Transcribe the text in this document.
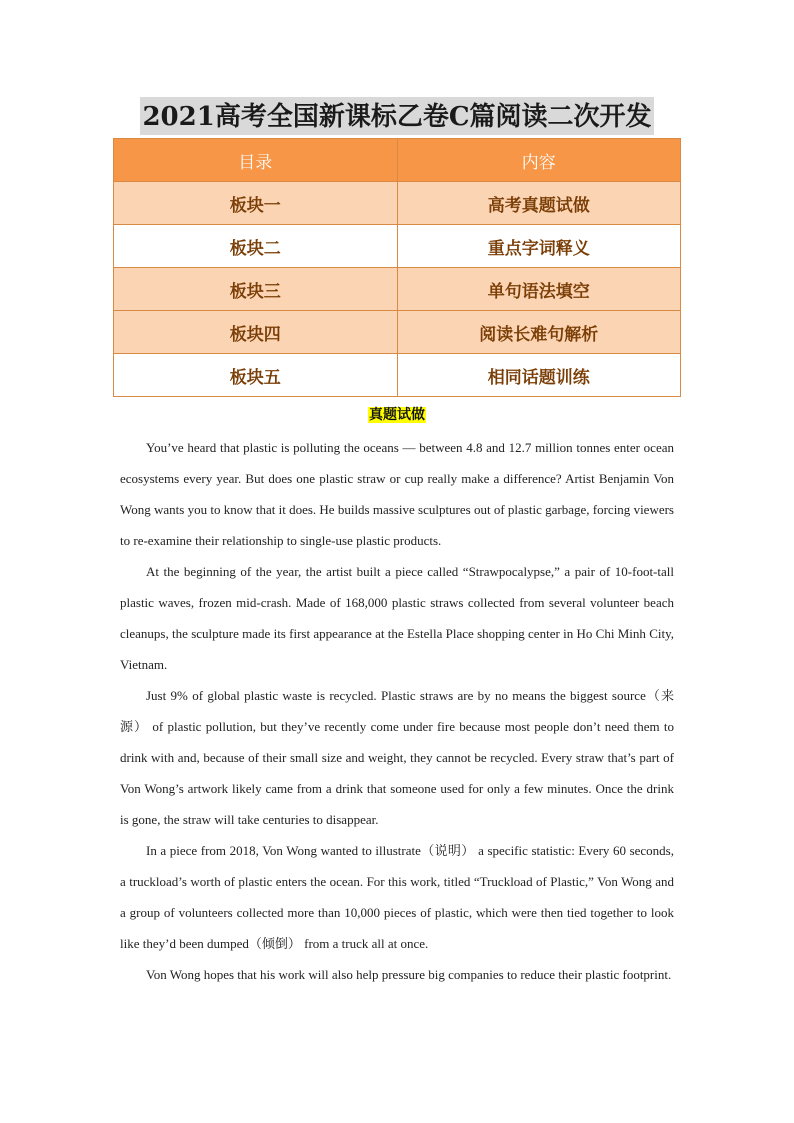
2021高考全国新课标乙卷C篇阅读二次开发
目录	内容
板块一	高考真题试做
板块二	重点字词释义
板块三	单句语法填空
板块四	阅读长难句解析
板块五	相同话题训练
真题试做

You’ve heard that plastic is polluting the oceans — between 4.8 and 12.7 million tonnes enter ocean ecosystems every year. But does one plastic straw or cup really make a difference? Artist Benjamin Von Wong wants you to know that it does. He builds massive sculptures out of plastic garbage, forcing viewers to re-examine their relationship to single-use plastic products.

At the beginning of the year, the artist built a piece called “Strawpocalypse,” a pair of 10-foot-tall plastic waves, frozen mid-crash. Made of 168,000 plastic straws collected from several volunteer beach cleanups, the sculpture made its first appearance at the Estella Place shopping center in Ho Chi Minh City, Vietnam.

Just 9% of global plastic waste is recycled. Plastic straws are by no means the biggest source（来源） of plastic pollution, but they’ve recently come under fire because most people don’t need them to drink with and, because of their small size and weight, they cannot be recycled. Every straw that’s part of Von Wong’s artwork likely came from a drink that someone used for only a few minutes. Once the drink is gone, the straw will take centuries to disappear.

In a piece from 2018, Von Wong wanted to illustrate（说明） a specific statistic: Every 60 seconds, a truckload’s worth of plastic enters the ocean. For this work, titled “Truckload of Plastic,” Von Wong and a group of volunteers collected more than 10,000 pieces of plastic, which were then tied together to look like they’d been dumped（倾倒） from a truck all at once.

Von Wong hopes that his work will also help pressure big companies to reduce their plastic footprint.
